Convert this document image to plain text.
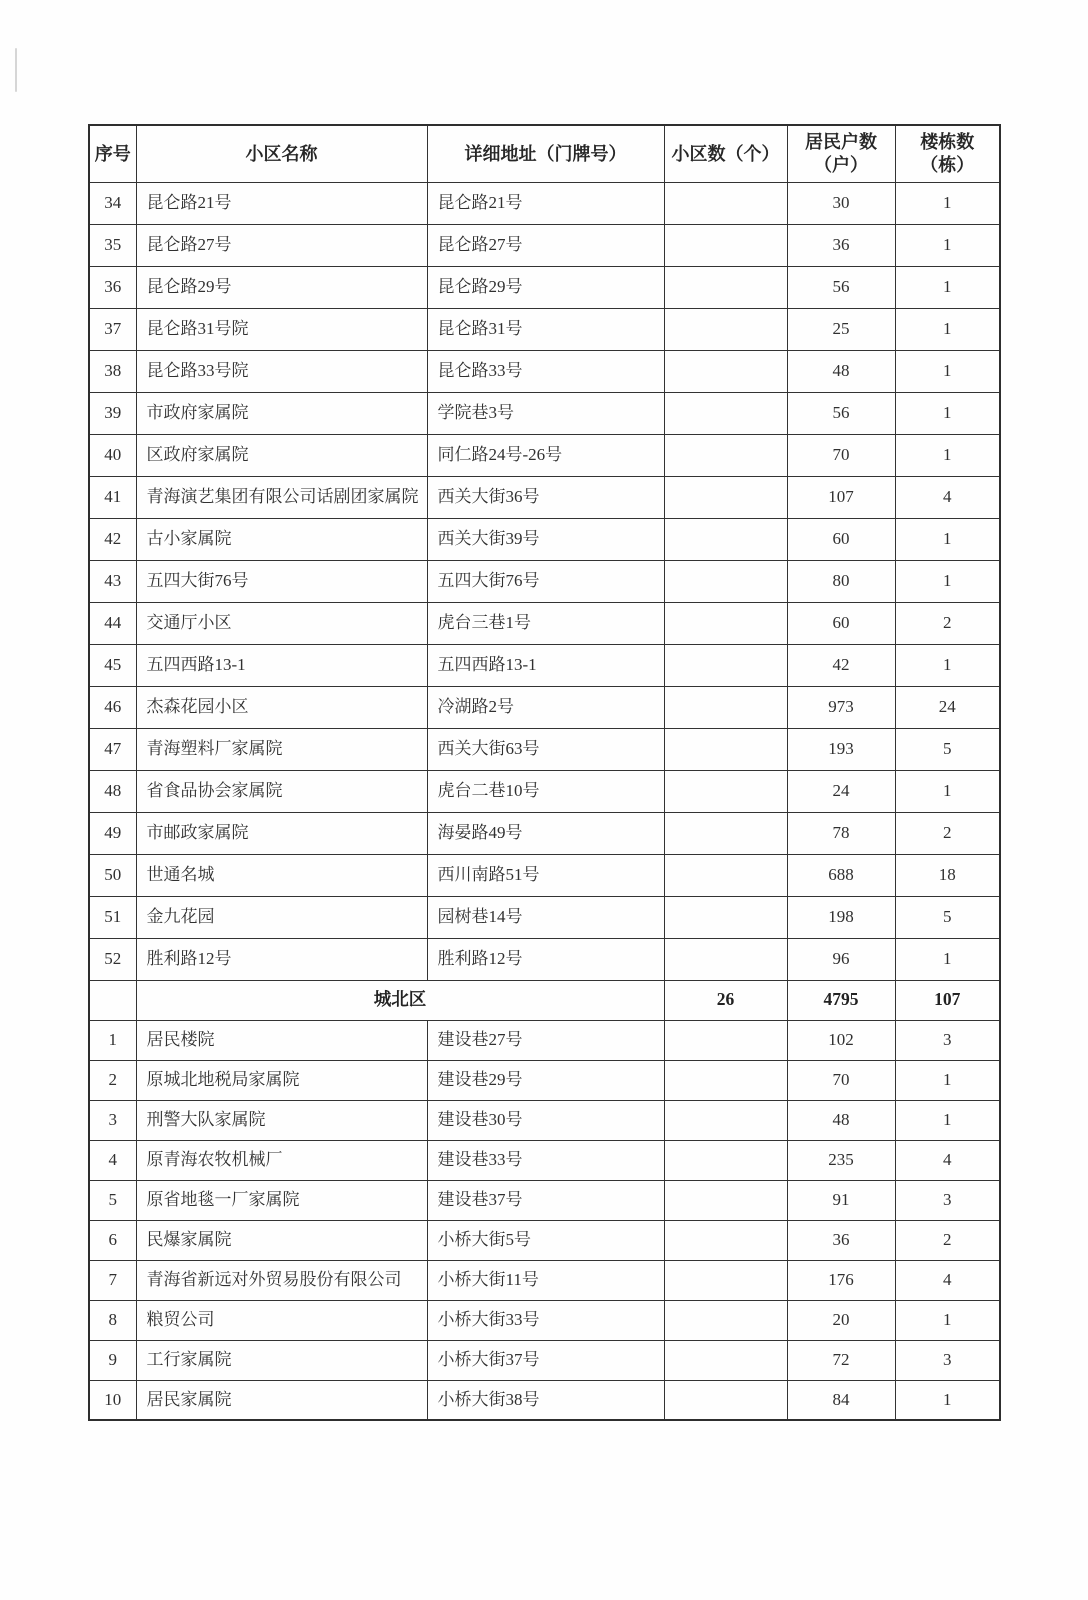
序号	小区名称	详细地址（门牌号）	小区数（个）	居民户数（户）	楼栋数（栋）
34	昆仑路21号	昆仑路21号		30	1
35	昆仑路27号	昆仑路27号		36	1
36	昆仑路29号	昆仑路29号		56	1
37	昆仑路31号院	昆仑路31号		25	1
38	昆仑路33号院	昆仑路33号		48	1
39	市政府家属院	学院巷3号		56	1
40	区政府家属院	同仁路24号-26号		70	1
41	青海演艺集团有限公司话剧团家属院	西关大街36号		107	4
42	古小家属院	西关大街39号		60	1
43	五四大街76号	五四大街76号		80	1
44	交通厅小区	虎台三巷1号		60	2
45	五四西路13-1	五四西路13-1		42	1
46	杰森花园小区	冷湖路2号		973	24
47	青海塑料厂家属院	西关大街63号		193	5
48	省食品协会家属院	虎台二巷10号		24	1
49	市邮政家属院	海晏路49号		78	2
50	世通名城	西川南路51号		688	18
51	金九花园	园树巷14号		198	5
52	胜利路12号	胜利路12号		96	1
	城北区		26	4795	107
1	居民楼院	建设巷27号		102	3
2	原城北地税局家属院	建设巷29号		70	1
3	刑警大队家属院	建设巷30号		48	1
4	原青海农牧机械厂	建设巷33号		235	4
5	原省地毯一厂家属院	建设巷37号		91	3
6	民爆家属院	小桥大街5号		36	2
7	青海省新远对外贸易股份有限公司	小桥大街11号		176	4
8	粮贸公司	小桥大街33号		20	1
9	工行家属院	小桥大街37号		72	3
10	居民家属院	小桥大街38号		84	1
